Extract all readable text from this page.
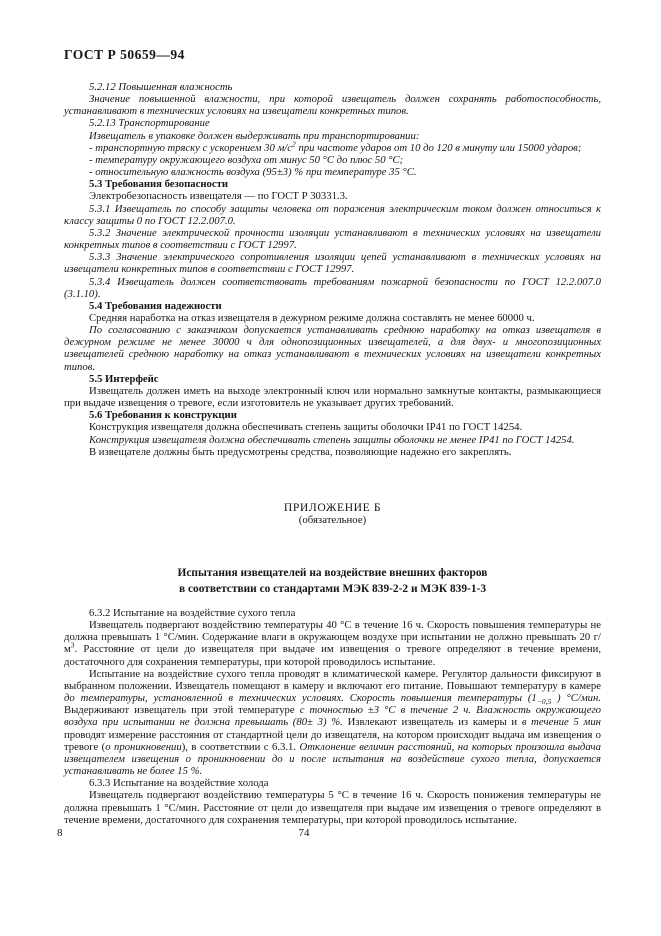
ГОСТ Р 50659—94

5.2.12 Повышенная влажность

Значение повышенной влажности, при которой извещатель должен сохранять работоспособность, устанавливают в технических условиях на извещатели конкретных типов.

5.2.13 Транспортирование

Извещатель в упаковке должен выдерживать при транспортировании:

- транспортную тряску с ускорением 30 $м/с^2$ при частоте ударов от 10 до 120 в минуту или 15000 ударов;

- температуру окружающего воздуха от минус 50 °С до плюс 50 °С;

- относительную влажность воздуха (95±3) % при температуре 35 °С.

5.3 Требования безопасности

Электробезопасность извещателя — по ГОСТ Р 30331.3.

5.3.1 Извещатель по способу защиты человека от поражения электрическим током должен относиться к классу защиты 0 по ГОСТ 12.2.007.0.

5.3.2 Значение электрической прочности изоляции устанавливают в технических условиях на извещатели конкретных типов в соответствии с ГОСТ 12997.

5.3.3 Значение электрического сопротивления изоляции цепей устанавливают в технических условиях на извещатели конкретных типов в соответствии с ГОСТ 12997.

5.3.4 Извещатель должен соответствовать требованиям пожарной безопасности по ГОСТ 12.2.007.0 (3.1.10).

5.4 Требования надежности

Средняя наработка на отказ извещателя в дежурном режиме должна составлять не менее 60000 ч.

По согласованию с заказчиком допускается устанавливать среднюю наработку на отказ извещателя в дежурном режиме не менее 30000 ч для однопозиционных извещателей, а для двух- и многопозиционных извещателей среднюю наработку на отказ устанавливают в технических условиях на извещатели конкретных типов.

5.5 Интерфейс

Извещатель должен иметь на выходе электронный ключ или нормально замкнутые контакты, размыкающиеся при выдаче извещения о тревоге, если изготовитель не указывает других требований.

5.6 Требования к конструкции

Конструкция извещателя должна обеспечивать степень защиты оболочки IP41 по ГОСТ 14254.

Конструкция извещателя должна обеспечивать степень защиты оболочки не менее IP41 по ГОСТ 14254.

В извещателе должны быть предусмотрены средства, позволяющие надежно его закреплять.

ПРИЛОЖЕНИЕ Б
(обязательное)
Испытания извещателей на воздействие внешних факторов
в соответствии со стандартами МЭК 839-2-2 и МЭК 839-1-3

6.3.2 Испытание на воздействие сухого тепла

Извещатель подвергают воздействию температуры 40 °С в течение 16 ч. Скорость повышения температуры не должна превышать 1 °С/мин. Содержание влаги в окружающем воздухе при испытании не должно превышать 20 $г/м^3$. Расстояние от цели до извещателя при выдаче им извещения о тревоге определяют в течение времени, достаточного для сохранения температуры, при которой проводилось испытание.

Испытание на воздействие сухого тепла проводят в климатической камере. Регулятор дальности фиксируют в выбранном положении. Извещатель помещают в камеру и включают его питание. Повышают температуру в камере до температуры, установленной в технических условиях. Скорость повышения температуры ($1_{-0,5}$ ) °С/мин. Выдерживают извещатель при этой температуре с точностью ±3 °С в течение 2 ч. Влажность окружающего воздуха при испытании не должна превышать (80± 3) %. Извлекают извещатель из камеры и в течение 5 мин проводят измерение расстояния от стандартной цели до извещателя, на котором происходит выдача им извещения о тревоге (о проникновении), в соответствии с 6.3.1. Отклонение величин расстояний, на которых произошла выдача извещателем извещения о проникновении до и после испытания на воздействие сухого тепла, допускается устанавливать не более 15 %.

6.3.3 Испытание на воздействие холода

Извещатель подвергают воздействию температуры 5 °С в течение 16 ч. Скорость понижения температуры не должна превышать 1 °С/мин. Расстояние от цели до извещателя при выдаче им извещения о тревоге определяют в течение времени, достаточного для сохранения температуры, при которой проводилось испытание.

8	74
